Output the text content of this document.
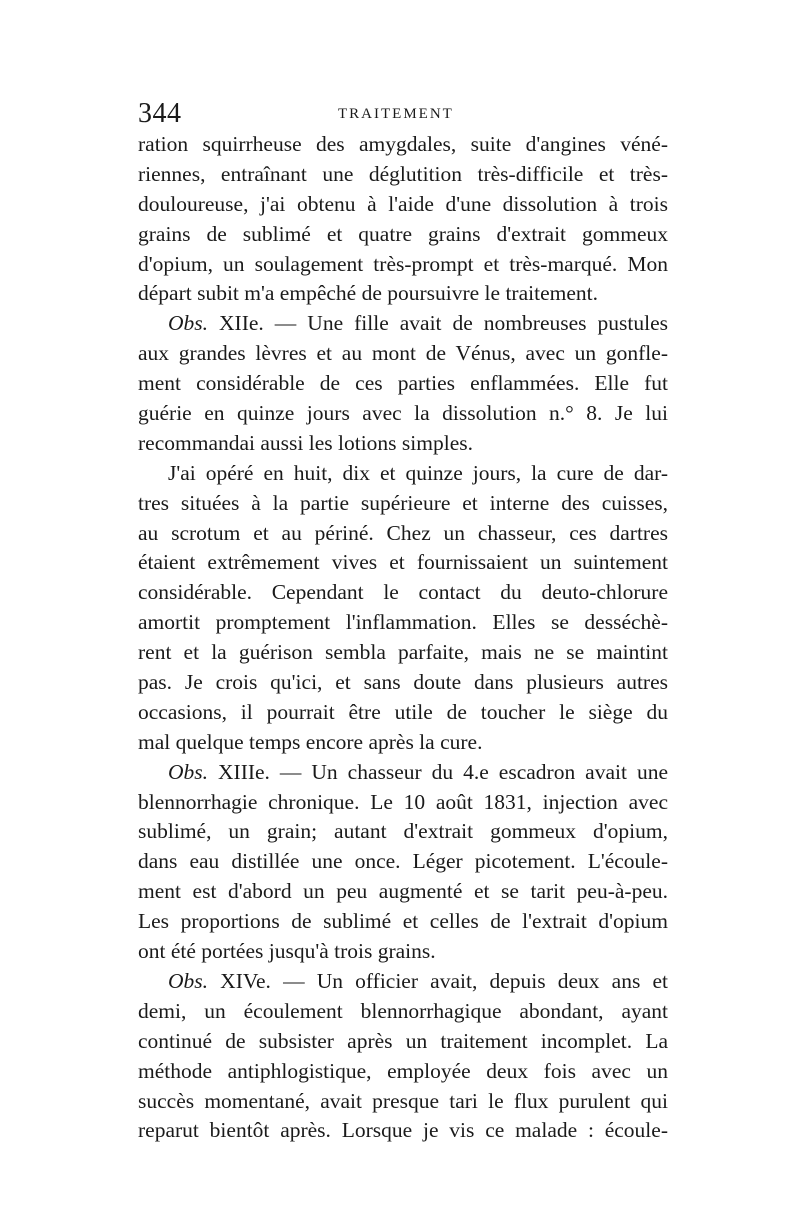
344	TRAITEMENT
ration squirrheuse des amygdales, suite d'angines véné-
riennes, entraînant une déglutition très-difficile et très-
douloureuse, j'ai obtenu à l'aide d'une dissolution à trois
grains de sublimé et quatre grains d'extrait gommeux
d'opium, un soulagement très-prompt et très-marqué. Mon
départ subit m'a empêché de poursuivre le traitement.
Obs. XIIe. — Une fille avait de nombreuses pustules
aux grandes lèvres et au mont de Vénus, avec un gonfle-
ment considérable de ces parties enflammées. Elle fut
guérie en quinze jours avec la dissolution n.° 8. Je lui
recommandai aussi les lotions simples.
J'ai opéré en huit, dix et quinze jours, la cure de dar-
tres situées à la partie supérieure et interne des cuisses,
au scrotum et au périné. Chez un chasseur, ces dartres
étaient extrêmement vives et fournissaient un suintement
considérable. Cependant le contact du deuto-chlorure
amortit promptement l'inflammation. Elles se desséchè-
rent et la guérison sembla parfaite, mais ne se maintint
pas. Je crois qu'ici, et sans doute dans plusieurs autres
occasions, il pourrait être utile de toucher le siège du
mal quelque temps encore après la cure.
Obs. XIIIe. — Un chasseur du 4.e escadron avait une
blennorrhagie chronique. Le 10 août 1831, injection avec
sublimé, un grain; autant d'extrait gommeux d'opium,
dans eau distillée une once. Léger picotement. L'écoule-
ment est d'abord un peu augmenté et se tarit peu-à-peu.
Les proportions de sublimé et celles de l'extrait d'opium
ont été portées jusqu'à trois grains.
Obs. XIVe. — Un officier avait, depuis deux ans et
demi, un écoulement blennorrhagique abondant, ayant
continué de subsister après un traitement incomplet. La
méthode antiphlogistique, employée deux fois avec un
succès momentané, avait presque tari le flux purulent qui
reparut bientôt après. Lorsque je vis ce malade : écoule-
